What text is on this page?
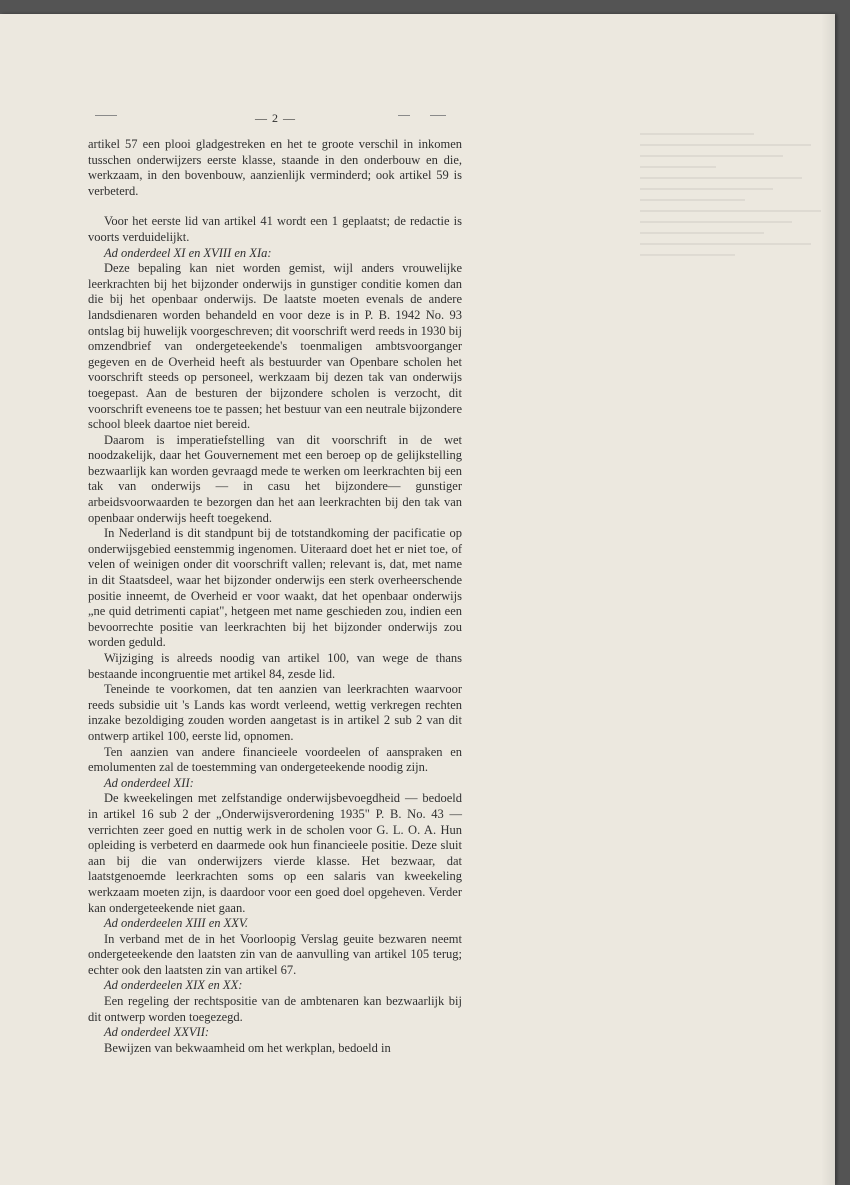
— 2 —

artikel 57 een plooi gladgestreken en het te groote verschil in inkomen tusschen onderwijzers eerste klasse, staande in den onderbouw en die, werkzaam, in den bovenbouw, aanzienlijk verminderd; ook artikel 59 is verbeterd.

Voor het eerste lid van artikel 41 wordt een 1 geplaatst; de redactie is voorts verduidelijkt.

Ad onderdeel XI en XVIII en XIa:

Deze bepaling kan niet worden gemist, wijl anders vrouwelijke leerkrachten bij het bijzonder onderwijs in gunstiger conditie komen dan die bij het openbaar onderwijs. De laatste moeten evenals de andere landsdienaren worden behandeld en voor deze is in P. B. 1942 No. 93 ontslag bij huwelijk voorgeschreven; dit voorschrift werd reeds in 1930 bij omzendbrief van ondergeteekende's toenmaligen ambtsvoorganger gegeven en de Overheid heeft als bestuurder van Openbare scholen het voorschrift steeds op personeel, werkzaam bij dezen tak van onderwijs toegepast. Aan de besturen der bijzondere scholen is verzocht, dit voorschrift eveneens toe te passen; het bestuur van een neutrale bijzondere school bleek daartoe niet bereid.

Daarom is imperatiefstelling van dit voorschrift in de wet noodzakelijk, daar het Gouvernement met een beroep op de gelijkstelling bezwaarlijk kan worden gevraagd mede te werken om leerkrachten bij een tak van onderwijs — in casu het bijzondere— gunstiger arbeidsvoorwaarden te bezorgen dan het aan leerkrachten bij den tak van openbaar onderwijs heeft toegekend.

In Nederland is dit standpunt bij de totstandkoming der pacificatie op onderwijsgebied eenstemmig ingenomen. Uiteraard doet het er niet toe, of velen of weinigen onder dit voorschrift vallen; relevant is, dat, met name in dit Staatsdeel, waar het bijzonder onderwijs een sterk overheerschende positie inneemt, de Overheid er voor waakt, dat het openbaar onderwijs „ne quid detrimenti capiat", hetgeen met name geschieden zou, indien een bevoorrechte positie van leerkrachten bij het bijzonder onderwijs zou worden geduld.

Wijziging is alreeds noodig van artikel 100, van wege de thans bestaande incongruentie met artikel 84, zesde lid.

Teneinde te voorkomen, dat ten aanzien van leerkrachten waarvoor reeds subsidie uit 's Lands kas wordt verleend, wettig verkregen rechten inzake bezoldiging zouden worden aangetast is in artikel 2 sub 2 van dit ontwerp artikel 100, eerste lid, opnomen.

Ten aanzien van andere financieele voordeelen of aanspraken en emolumenten zal de toestemming van ondergeteekende noodig zijn.

Ad onderdeel XII:

De kweekelingen met zelfstandige onderwijsbevoegdheid — bedoeld in artikel 16 sub 2 der „Onderwijsverordening 1935" P. B. No. 43 — verrichten zeer goed en nuttig werk in de scholen voor G. L. O. A. Hun opleiding is verbeterd en daarmede ook hun financieele positie. Deze sluit aan bij die van onderwijzers vierde klasse. Het bezwaar, dat laatstgenoemde leerkrachten soms op een salaris van kweekeling werkzaam moeten zijn, is daardoor voor een goed doel opgeheven. Verder kan ondergeteekende niet gaan.

Ad onderdeelen XIII en XXV.

In verband met de in het Voorloopig Verslag geuite bezwaren neemt ondergeteekende den laatsten zin van de aanvulling van artikel 105 terug; echter ook den laatsten zin van artikel 67.

Ad onderdeelen XIX en XX:

Een regeling der rechtspositie van de ambtenaren kan bezwaarlijk bij dit ontwerp worden toegezegd.

Ad onderdeel XXVII:

Bewijzen van bekwaamheid om het werkplan, bedoeld in
